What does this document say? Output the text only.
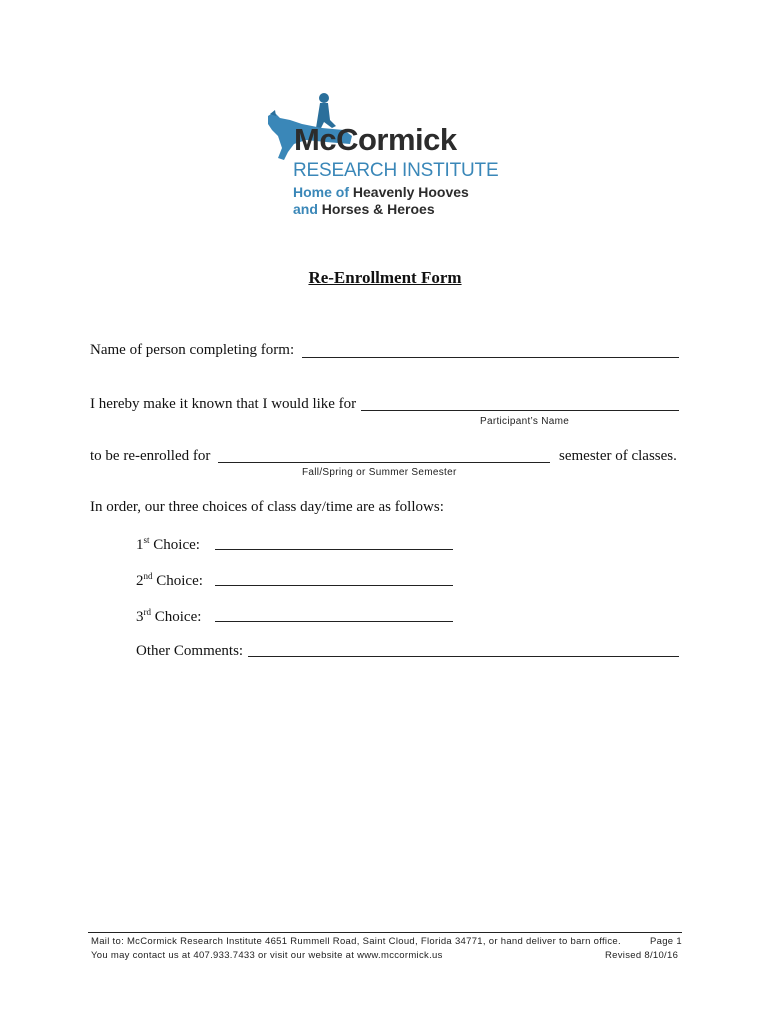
McCormick
RESEARCH INSTITUTE
Home of Heavenly Hooves
and Horses & Heroes
Re-Enrollment Form
Name of person completing form:
I hereby make it known that I would like for
Participant’s Name
to be re-enrolled for	semester of classes.
Fall/Spring or Summer Semester
In order, our three choices of class day/time are as follows:
1st Choice:
2nd Choice:
3rd Choice:
Other Comments:
Mail to: McCormick Research Institute 4651 Rummell Road, Saint Cloud, Florida 34771, or hand deliver to barn office.	Page 1
You may contact us at 407.933.7433 or visit our website at www.mccormick.us	Revised 8/10/16
